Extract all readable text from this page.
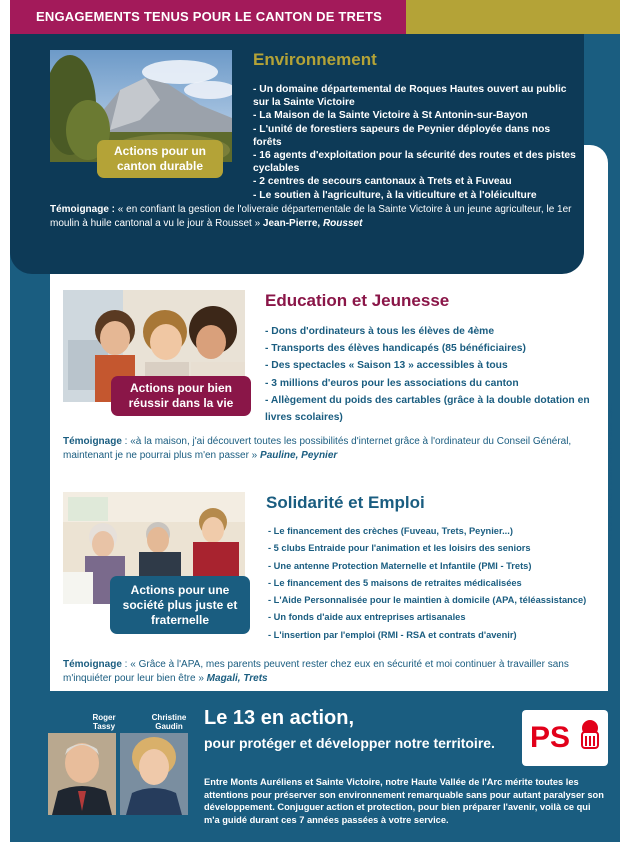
ENGAGEMENTS TENUS POUR LE CANTON DE TRETS
Actions pour un canton durable
Environnement
- Un domaine départemental de Roques Hautes ouvert au public sur la Sainte Victoire
- La Maison de la Sainte Victoire à St Antonin-sur-Bayon
- L'unité de forestiers sapeurs de Peynier déployée dans nos forêts
- 16 agents d'exploitation pour la sécurité des routes et des pistes cyclables
- 2 centres de secours cantonaux à Trets et à Fuveau
- Le soutien à l'agriculture, à la viticulture et à l'oléiculture
Témoignage : « en confiant la gestion de l'oliveraie départementale de la Sainte Victoire à un jeune agriculteur, le 1er moulin à huile cantonal a vu le jour à Rousset » Jean-Pierre, Rousset
Actions pour bien réussir dans la vie
Education et Jeunesse
- Dons d'ordinateurs à tous les élèves de 4ème
- Transports des élèves handicapés (85 bénéficiaires)
- Des spectacles « Saison 13 » accessibles à tous
- 3 millions d'euros pour les associations du canton
- Allègement du poids des cartables (grâce à la double dotation en livres scolaires)
Témoignage : «à la maison, j'ai découvert toutes les possibilités d'internet grâce à l'ordinateur du Conseil Général, maintenant je ne pourrai plus m'en passer » Pauline, Peynier
Actions pour une société plus juste et fraternelle
Solidarité et Emploi
- Le financement des crèches (Fuveau, Trets, Peynier...)
- 5 clubs Entraide pour l'animation et les loisirs des seniors
- Une antenne Protection Maternelle et Infantile (PMI - Trets)
- Le financement des 5 maisons de retraites médicalisées
- L'Aide Personnalisée pour le maintien à domicile (APA, téléassistance)
- Un fonds d'aide aux entreprises artisanales
- L'insertion par l'emploi (RMI - RSA et contrats d'avenir)
Témoignage : « Grâce à l'APA, mes parents peuvent rester chez eux en sécurité et moi continuer à travailler sans m'inquiéter pour leur bien être » Magali, Trets
Vu le candidat - Sud Impression Marseille - papier recyclé
Roger Tassy
Christine Gaudin	Le 13 en action,
pour protéger et développer notre territoire.
Entre Monts Auréliens et Sainte Victoire, notre Haute Vallée de l'Arc mérite toutes les attentions pour préserver son environnement remarquable sans pour autant paralyser son développement. Conjuguer action et protection, pour bien préparer l'avenir, voilà ce qui m'a guidé durant ces 7 années passées à votre service.
PS
